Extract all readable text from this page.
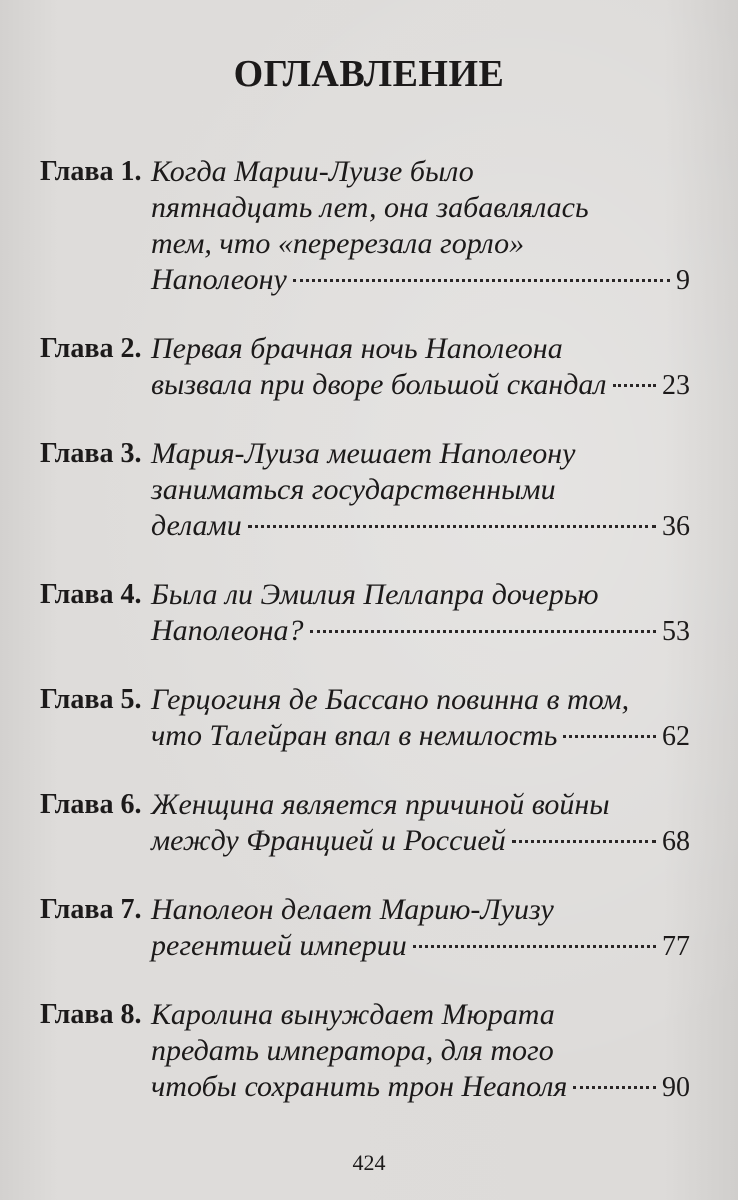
ОГЛАВЛЕНИЕ
Глава 1. Когда Марии-Луизе было
пятнадцать лет, она забавлялась
тем, что «перерезала горло»
Наполеону	9
Глава 2. Первая брачная ночь Наполеона
вызвала при дворе большой скандал 23
Глава 3. Мария-Луиза мешает Наполеону
заниматься государственными
делами	36
Глава 4. Была ли Эмилия Пеллапра дочерью
Наполеона?	53
Глава 5. Герцогиня де Бассано повинна в том,
что Талейран впал в немилость	62
Глава 6. Женщина является причиной войны
между Францией и Россией	68
Глава 7. Наполеон делает Марию-Луизу
регентшей империи	77
Глава 8. Каролина вынуждает Мюрата
предать императора, для того
чтобы сохранить трон Неаполя	90
424
